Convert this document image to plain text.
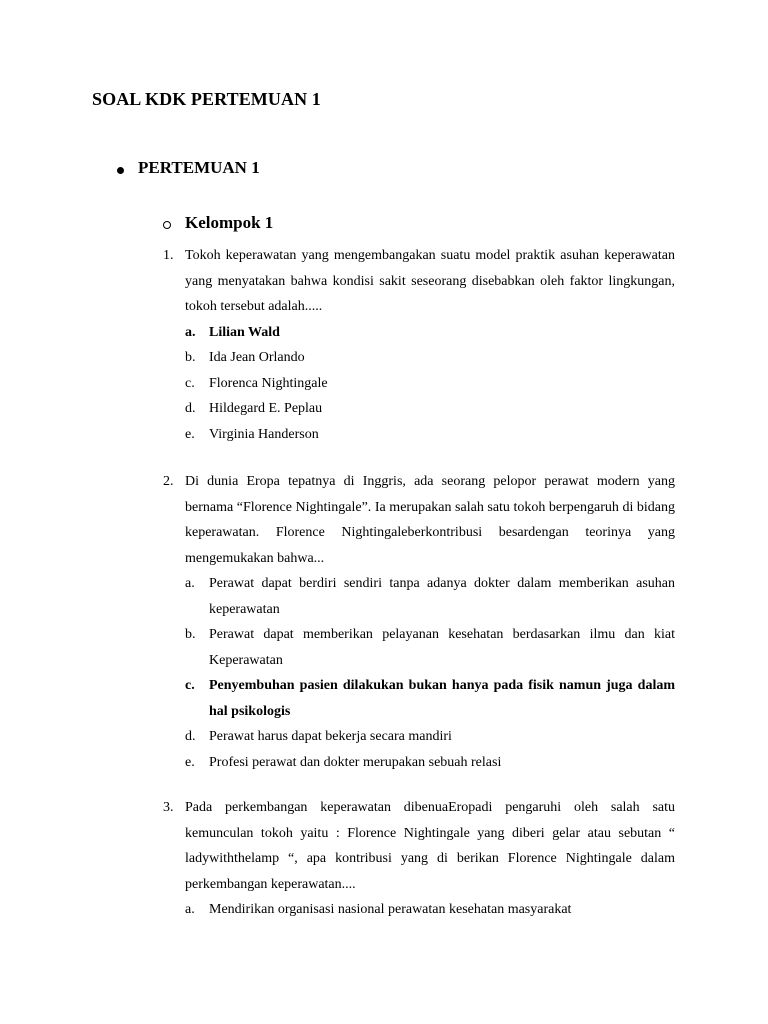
SOAL KDK PERTEMUAN 1
PERTEMUAN 1
Kelompok 1
1. Tokoh keperawatan yang mengembangakan suatu model praktik asuhan keperawatan yang menyatakan bahwa kondisi sakit seseorang disebabkan oleh faktor lingkungan, tokoh tersebut adalah.....
a. Lilian Wald
b. Ida Jean Orlando
c. Florenca Nightingale
d. Hildegard E. Peplau
e. Virginia Handerson
2. Di dunia Eropa tepatnya di Inggris, ada seorang pelopor perawat modern yang bernama “Florence Nightingale”. Ia merupakan salah satu tokoh berpengaruh di bidang keperawatan. Florence Nightingaleberkontribusi besardengan teorinya yang mengemukakan bahwa...
a. Perawat dapat berdiri sendiri tanpa adanya dokter dalam memberikan asuhan keperawatan
b. Perawat dapat memberikan pelayanan kesehatan berdasarkan ilmu dan kiat Keperawatan
c. Penyembuhan pasien dilakukan bukan hanya pada fisik namun juga dalam hal psikologis
d. Perawat harus dapat bekerja secara mandiri
e. Profesi perawat dan dokter merupakan sebuah relasi
3. Pada perkembangan keperawatan dibenuaEropadi pengaruhi oleh salah satu kemunculan tokoh yaitu : Florence Nightingale yang diberi gelar atau sebutan “ ladywiththelamp “, apa kontribusi yang di berikan Florence Nightingale dalam perkembangan keperawatan....
a. Mendirikan organisasi nasional perawatan kesehatan masyarakat
